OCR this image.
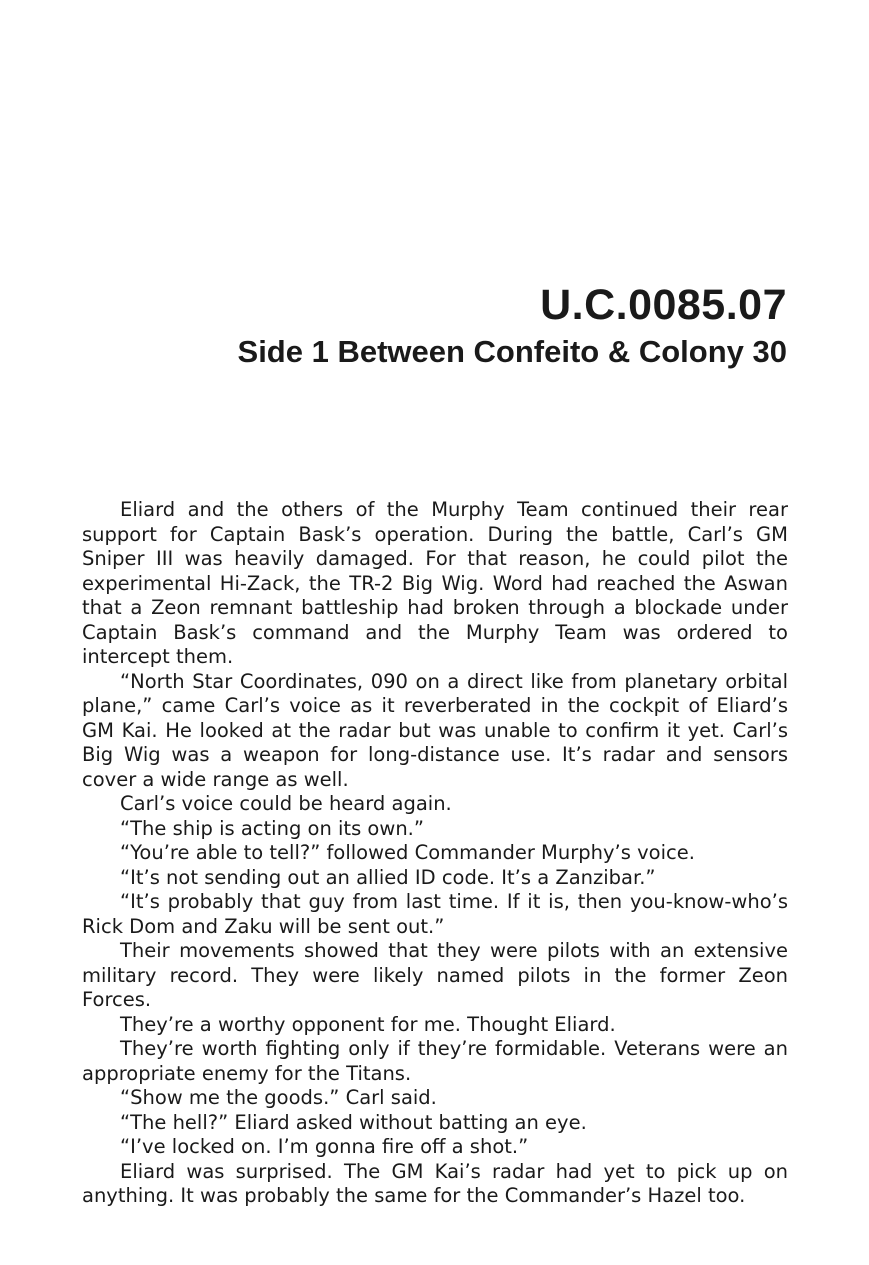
U.C.0085.07
Side 1 Between Confeito & Colony 30

Eliard and the others of the Murphy Team continued their rear support for Captain Bask’s operation. During the battle, Carl’s GM Sniper III was heavily damaged. For that reason, he could pilot the experimental Hi-Zack, the TR-2 Big Wig. Word had reached the Aswan that a Zeon remnant battleship had broken through a blockade under Captain Bask’s command and the Murphy Team was ordered to intercept them.

“North Star Coordinates, 090 on a direct like from planetary orbital plane,” came Carl’s voice as it reverberated in the cockpit of Eliard’s GM Kai. He looked at the radar but was unable to confirm it yet. Carl’s Big Wig was a weapon for long-distance use. It’s radar and sensors cover a wide range as well.

Carl’s voice could be heard again.

“The ship is acting on its own.”

“You’re able to tell?” followed Commander Murphy’s voice.

“It’s not sending out an allied ID code. It’s a Zanzibar.”

“It’s probably that guy from last time. If it is, then you-know-who’s Rick Dom and Zaku will be sent out.”

Their movements showed that they were pilots with an extensive military record. They were likely named pilots in the former Zeon Forces.

They’re a worthy opponent for me. Thought Eliard.

They’re worth fighting only if they’re formidable. Veterans were an appropriate enemy for the Titans.

“Show me the goods.” Carl said.

“The hell?” Eliard asked without batting an eye.

“I’ve locked on. I’m gonna fire off a shot.”

Eliard was surprised. The GM Kai’s radar had yet to pick up on anything. It was probably the same for the Commander’s Hazel too.
